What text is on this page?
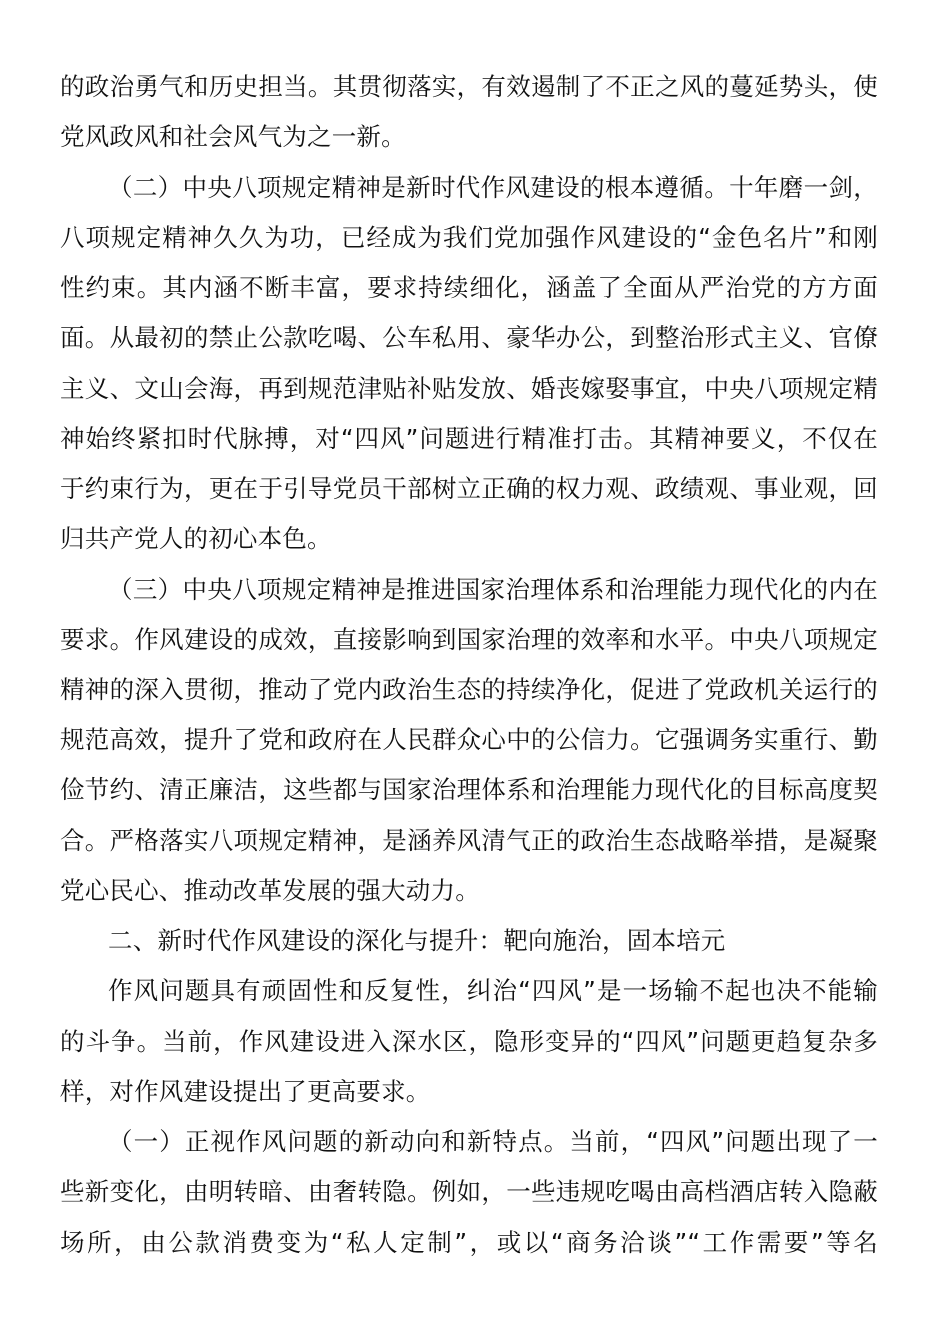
的政治勇气和历史担当。其贯彻落实，有效遏制了不正之风的蔓延势头，使
党风政风和社会风气为之一新。
（二）中央八项规定精神是新时代作风建设的根本遵循。十年磨一剑，
八项规定精神久久为功，已经成为我们党加强作风建设的“金色名片”和刚
性约束。其内涵不断丰富，要求持续细化，涵盖了全面从严治党的方方面
面。从最初的禁止公款吃喝、公车私用、豪华办公，到整治形式主义、官僚
主义、文山会海，再到规范津贴补贴发放、婚丧嫁娶事宜，中央八项规定精
神始终紧扣时代脉搏，对“四风”问题进行精准打击。其精神要义，不仅在
于约束行为，更在于引导党员干部树立正确的权力观、政绩观、事业观，回
归共产党人的初心本色。
（三）中央八项规定精神是推进国家治理体系和治理能力现代化的内在
要求。作风建设的成效，直接影响到国家治理的效率和水平。中央八项规定
精神的深入贯彻，推动了党内政治生态的持续净化，促进了党政机关运行的
规范高效，提升了党和政府在人民群众心中的公信力。它强调务实重行、勤
俭节约、清正廉洁，这些都与国家治理体系和治理能力现代化的目标高度契
合。严格落实八项规定精神，是涵养风清气正的政治生态战略举措，是凝聚
党心民心、推动改革发展的强大动力。
二、新时代作风建设的深化与提升：靶向施治，固本培元
作风问题具有顽固性和反复性，纠治“四风”是一场输不起也决不能输
的斗争。当前，作风建设进入深水区，隐形变异的“四风”问题更趋复杂多
样，对作风建设提出了更高要求。
（一）正视作风问题的新动向和新特点。当前，“四风”问题出现了一
些新变化，由明转暗、由奢转隐。例如，一些违规吃喝由高档酒店转入隐蔽
场所，由公款消费变为“私人定制”，或以“商务洽谈”“工作需要”等名
